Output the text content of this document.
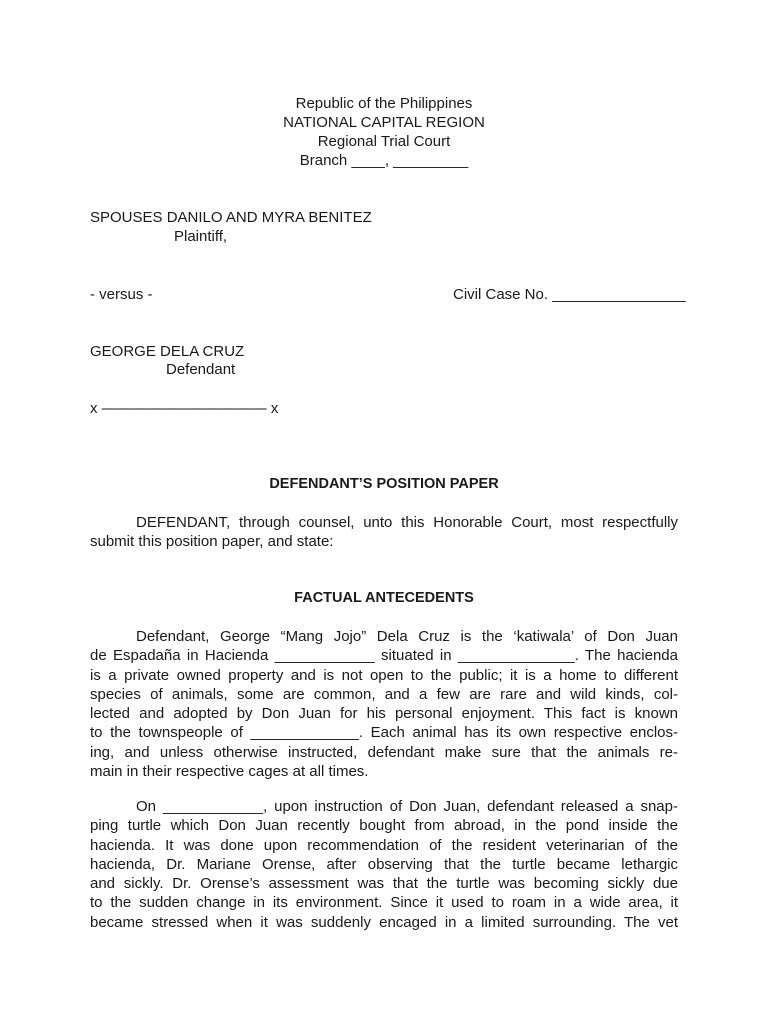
Republic of the Philippines
NATIONAL CAPITAL REGION
Regional Trial Court
Branch ____, _________
SPOUSES DANILO AND MYRA BENITEZ
Plaintiff,
- versus -	Civil Case No. ________________
GEORGE DELA CRUZ
Defendant
x ——————————— x
DEFENDANT’S POSITION PAPER
DEFENDANT, through counsel, unto this Honorable Court, most respectfully
submit this position paper, and state:
FACTUAL ANTECEDENTS
Defendant, George “Mang Jojo” Dela Cruz is the ‘katiwala’ of Don Juan
de Espadaña in Hacienda ____________ situated in ______________. The hacienda
is a private owned property and is not open to the public; it is a home to different
species of animals, some are common, and a few are rare and wild kinds, col-
lected and adopted by Don Juan for his personal enjoyment. This fact is known
to the townspeople of _____________. Each animal has its own respective enclos-
ing, and unless otherwise instructed, defendant make sure that the animals re-
main in their respective cages at all times.
On ____________, upon instruction of Don Juan, defendant released a snap-
ping turtle which Don Juan recently bought from abroad, in the pond inside the
hacienda. It was done upon recommendation of the resident veterinarian of the
hacienda, Dr. Mariane Orense, after observing that the turtle became lethargic
and sickly. Dr. Orense’s assessment was that the turtle was becoming sickly due
to the sudden change in its environment. Since it used to roam in a wide area, it
became stressed when it was suddenly encaged in a limited surrounding. The vet
